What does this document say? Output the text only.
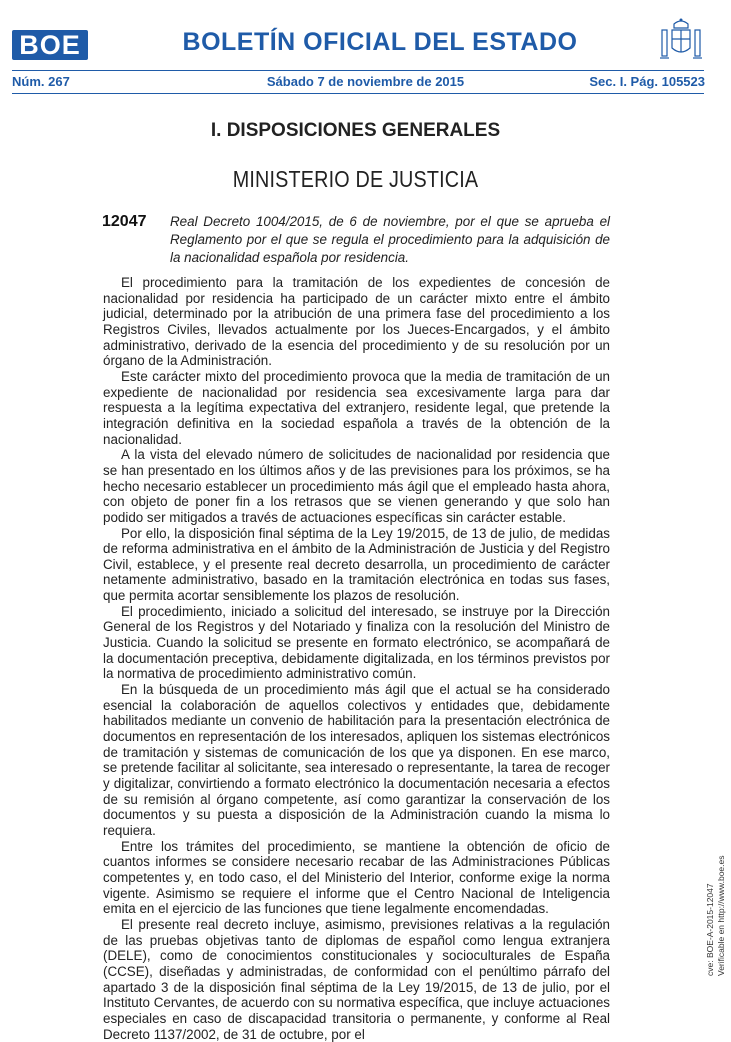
BOE	BOLETÍN OFICIAL DEL ESTADO
Núm. 267	Sábado 7 de noviembre de 2015	Sec. I. Pág. 105523
I. DISPOSICIONES GENERALES
MINISTERIO DE JUSTICIA
12047 Real Decreto 1004/2015, de 6 de noviembre, por el que se aprueba el Reglamento por el que se regula el procedimiento para la adquisición de la nacionalidad española por residencia.

El procedimiento para la tramitación de los expedientes de concesión de nacionalidad por residencia ha participado de un carácter mixto entre el ámbito judicial, determinado por la atribución de una primera fase del procedimiento a los Registros Civiles, llevados actualmente por los Jueces-Encargados, y el ámbito administrativo, derivado de la esencia del procedimiento y de su resolución por un órgano de la Administración.

Este carácter mixto del procedimiento provoca que la media de tramitación de un expediente de nacionalidad por residencia sea excesivamente larga para dar respuesta a la legítima expectativa del extranjero, residente legal, que pretende la integración definitiva en la sociedad española a través de la obtención de la nacionalidad.

A la vista del elevado número de solicitudes de nacionalidad por residencia que se han presentado en los últimos años y de las previsiones para los próximos, se ha hecho necesario establecer un procedimiento más ágil que el empleado hasta ahora, con objeto de poner fin a los retrasos que se vienen generando y que solo han podido ser mitigados a través de actuaciones específicas sin carácter estable.

Por ello, la disposición final séptima de la Ley 19/2015, de 13 de julio, de medidas de reforma administrativa en el ámbito de la Administración de Justicia y del Registro Civil, establece, y el presente real decreto desarrolla, un procedimiento de carácter netamente administrativo, basado en la tramitación electrónica en todas sus fases, que permita acortar sensiblemente los plazos de resolución.

El procedimiento, iniciado a solicitud del interesado, se instruye por la Dirección General de los Registros y del Notariado y finaliza con la resolución del Ministro de Justicia. Cuando la solicitud se presente en formato electrónico, se acompañará de la documentación preceptiva, debidamente digitalizada, en los términos previstos por la normativa de procedimiento administrativo común.

En la búsqueda de un procedimiento más ágil que el actual se ha considerado esencial la colaboración de aquellos colectivos y entidades que, debidamente habilitados mediante un convenio de habilitación para la presentación electrónica de documentos en representación de los interesados, apliquen los sistemas electrónicos de tramitación y sistemas de comunicación de los que ya disponen. En ese marco, se pretende facilitar al solicitante, sea interesado o representante, la tarea de recoger y digitalizar, convirtiendo a formato electrónico la documentación necesaria a efectos de su remisión al órgano competente, así como garantizar la conservación de los documentos y su puesta a disposición de la Administración cuando la misma lo requiera.

Entre los trámites del procedimiento, se mantiene la obtención de oficio de cuantos informes se considere necesario recabar de las Administraciones Públicas competentes y, en todo caso, el del Ministerio del Interior, conforme exige la norma vigente. Asimismo se requiere el informe que el Centro Nacional de Inteligencia emita en el ejercicio de las funciones que tiene legalmente encomendadas.

El presente real decreto incluye, asimismo, previsiones relativas a la regulación de las pruebas objetivas tanto de diplomas de español como lengua extranjera (DELE), como de conocimientos constitucionales y socioculturales de España (CCSE), diseñadas y administradas, de conformidad con el penúltimo párrafo del apartado 3 de la disposición final séptima de la Ley 19/2015, de 13 de julio, por el Instituto Cervantes, de acuerdo con su normativa específica, que incluye actuaciones especiales en caso de discapacidad transitoria o permanente, y conforme al Real Decreto 1137/2002, de 31 de octubre, por el

cve: BOE-A-2015-12047 Verificable en http://www.boe.es
